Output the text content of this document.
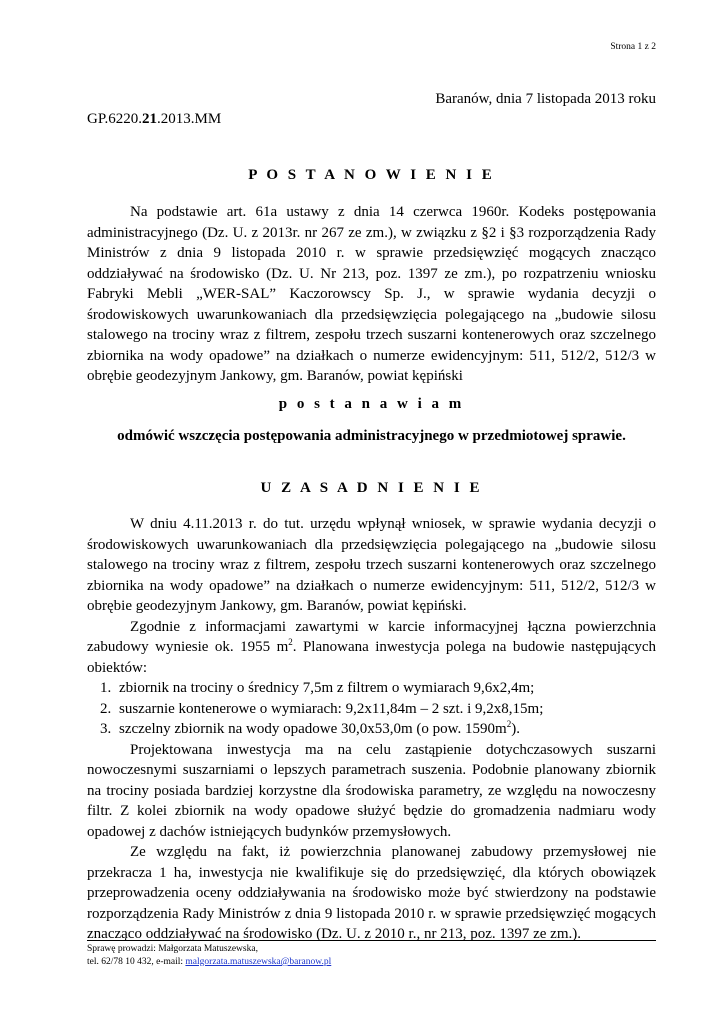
Strona 1 z 2
Baranów, dnia 7 listopada 2013 roku
GP.6220.21.2013.MM
P O S T A N O W I E N I E

Na podstawie art. 61a ustawy z dnia 14 czerwca 1960r. Kodeks postępowania administracyjnego (Dz. U. z 2013r. nr 267 ze zm.), w związku z §2 i §3 rozporządzenia Rady Ministrów z dnia 9 listopada 2010 r. w sprawie przedsięwzięć mogących znacząco oddziaływać na środowisko (Dz. U. Nr 213, poz. 1397 ze zm.), po rozpatrzeniu wniosku Fabryki Mebli „WER-SAL” Kaczorowscy Sp. J., w sprawie wydania decyzji o środowiskowych uwarunkowaniach dla przedsięwzięcia polegającego na „budowie silosu stalowego na trociny wraz z filtrem, zespołu trzech suszarni kontenerowych oraz szczelnego zbiornika na wody opadowe” na działkach o numerze ewidencyjnym: 511, 512/2, 512/3 w obrębie geodezyjnym Jankowy, gm. Baranów, powiat kępiński

p o s t a n a w i a m
odmówić wszczęcia postępowania administracyjnego w przedmiotowej sprawie.
U Z A S A D N I E N I E

W dniu 4.11.2013 r. do tut. urzędu wpłynął wniosek, w sprawie wydania decyzji o środowiskowych uwarunkowaniach dla przedsięwzięcia polegającego na „budowie silosu stalowego na trociny wraz z filtrem, zespołu trzech suszarni kontenerowych oraz szczelnego zbiornika na wody opadowe” na działkach o numerze ewidencyjnym: 511, 512/2, 512/3 w obrębie geodezyjnym Jankowy, gm. Baranów, powiat kępiński.

Zgodnie z informacjami zawartymi w karcie informacyjnej łączna powierzchnia zabudowy wyniesie ok. 1955 $m^2$. Planowana inwestycja polega na budowie następujących obiektów:

1. zbiornik na trociny o średnicy 7,5m z filtrem o wymiarach 9,6x2,4m;
2. suszarnie kontenerowe o wymiarach: 9,2x11,84m – 2 szt. i 9,2x8,15m;
3. szczelny zbiornik na wody opadowe 30,0x53,0m (o pow. $1590m^2$).

Projektowana inwestycja ma na celu zastąpienie dotychczasowych suszarni nowoczesnymi suszarniami o lepszych parametrach suszenia. Podobnie planowany zbiornik na trociny posiada bardziej korzystne dla środowiska parametry, ze względu na nowoczesny filtr. Z kolei zbiornik na wody opadowe służyć będzie do gromadzenia nadmiaru wody opadowej z dachów istniejących budynków przemysłowych.

Ze względu na fakt, iż powierzchnia planowanej zabudowy przemysłowej nie przekracza 1 ha, inwestycja nie kwalifikuje się do przedsięwzięć, dla których obowiązek przeprowadzenia oceny oddziaływania na środowisko może być stwierdzony na podstawie rozporządzenia Rady Ministrów z dnia 9 listopada 2010 r. w sprawie przedsięwzięć mogących znacząco oddziaływać na środowisko (Dz. U. z 2010 r., nr 213, poz. 1397 ze zm.).

Sprawę prowadzi: Małgorzata Matuszewska,
tel. 62/78 10 432, e-mail: malgorzata.matuszewska@baranow.pl
